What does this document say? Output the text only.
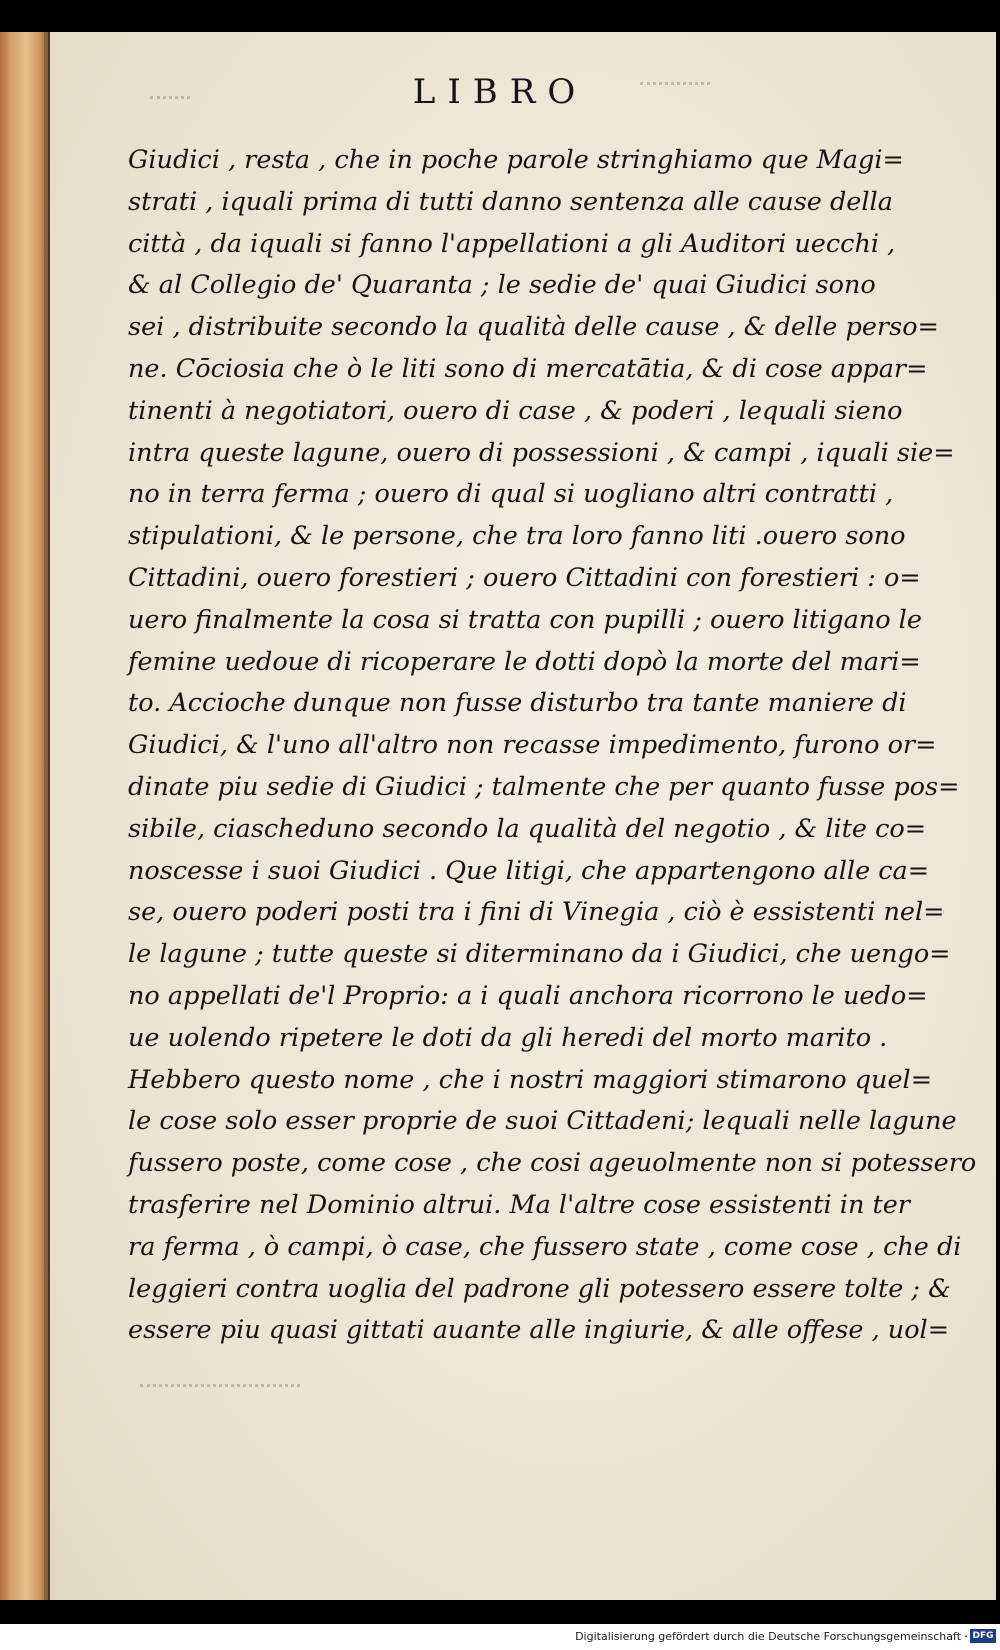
LIBRO
Giudici , resta , che in poche parole stringhiamo que Magi=
strati , iquali prima di tutti danno sentenza alle cause della
città , da iquali si fanno l'appellationi a gli Auditori uecchi ,
& al Collegio de' Quaranta ; le sedie de' quai Giudici sono
sei , distribuite secondo la qualità delle cause , & delle perso=
ne. Cōciosia che ò le liti sono di mercatātia, & di cose appar=
tinenti à negotiatori, ouero di case , & poderi , lequali sieno
intra queste lagune, ouero di possessioni , & campi , iquali sie=
no in terra ferma ; ouero di qual si uogliano altri contratti ,
stipulationi, & le persone, che tra loro fanno liti .ouero sono
Cittadini, ouero forestieri ; ouero Cittadini con forestieri : o=
uero finalmente la cosa si tratta con pupilli ; ouero litigano le
femine uedoue di ricoperare le dotti dopò la morte del mari=
to. Accioche dunque non fusse disturbo tra tante maniere di
Giudici, & l'uno all'altro non recasse impedimento, furono or=
dinate piu sedie di Giudici ; talmente che per quanto fusse pos=
sibile, ciascheduno secondo la qualità del negotio , & lite co=
noscesse i suoi Giudici . Que litigi, che appartengono alle ca=
se, ouero poderi posti tra i fini di Vinegia , ciò è essistenti nel=
le lagune ; tutte queste si diterminano da i Giudici, che uengo=
no appellati de'l Proprio: a i quali anchora ricorrono le uedo=
ue uolendo ripetere le doti da gli heredi del morto marito .
Hebbero questo nome , che i nostri maggiori stimarono quel=
le cose solo esser proprie de suoi Cittadeni; lequali nelle lagune
fussero poste, come cose , che cosi ageuolmente non si potessero
trasferire nel Dominio altrui. Ma l'altre cose essistenti in ter
ra ferma , ò campi, ò case, che fussero state , come cose , che di
leggieri contra uoglia del padrone gli potessero essere tolte ; &
essere piu quasi gittati auante alle ingiurie, & alle offese , uol=
Digitalisierung gefördert durch die Deutsche Forschungsgemeinschaft · DFG
